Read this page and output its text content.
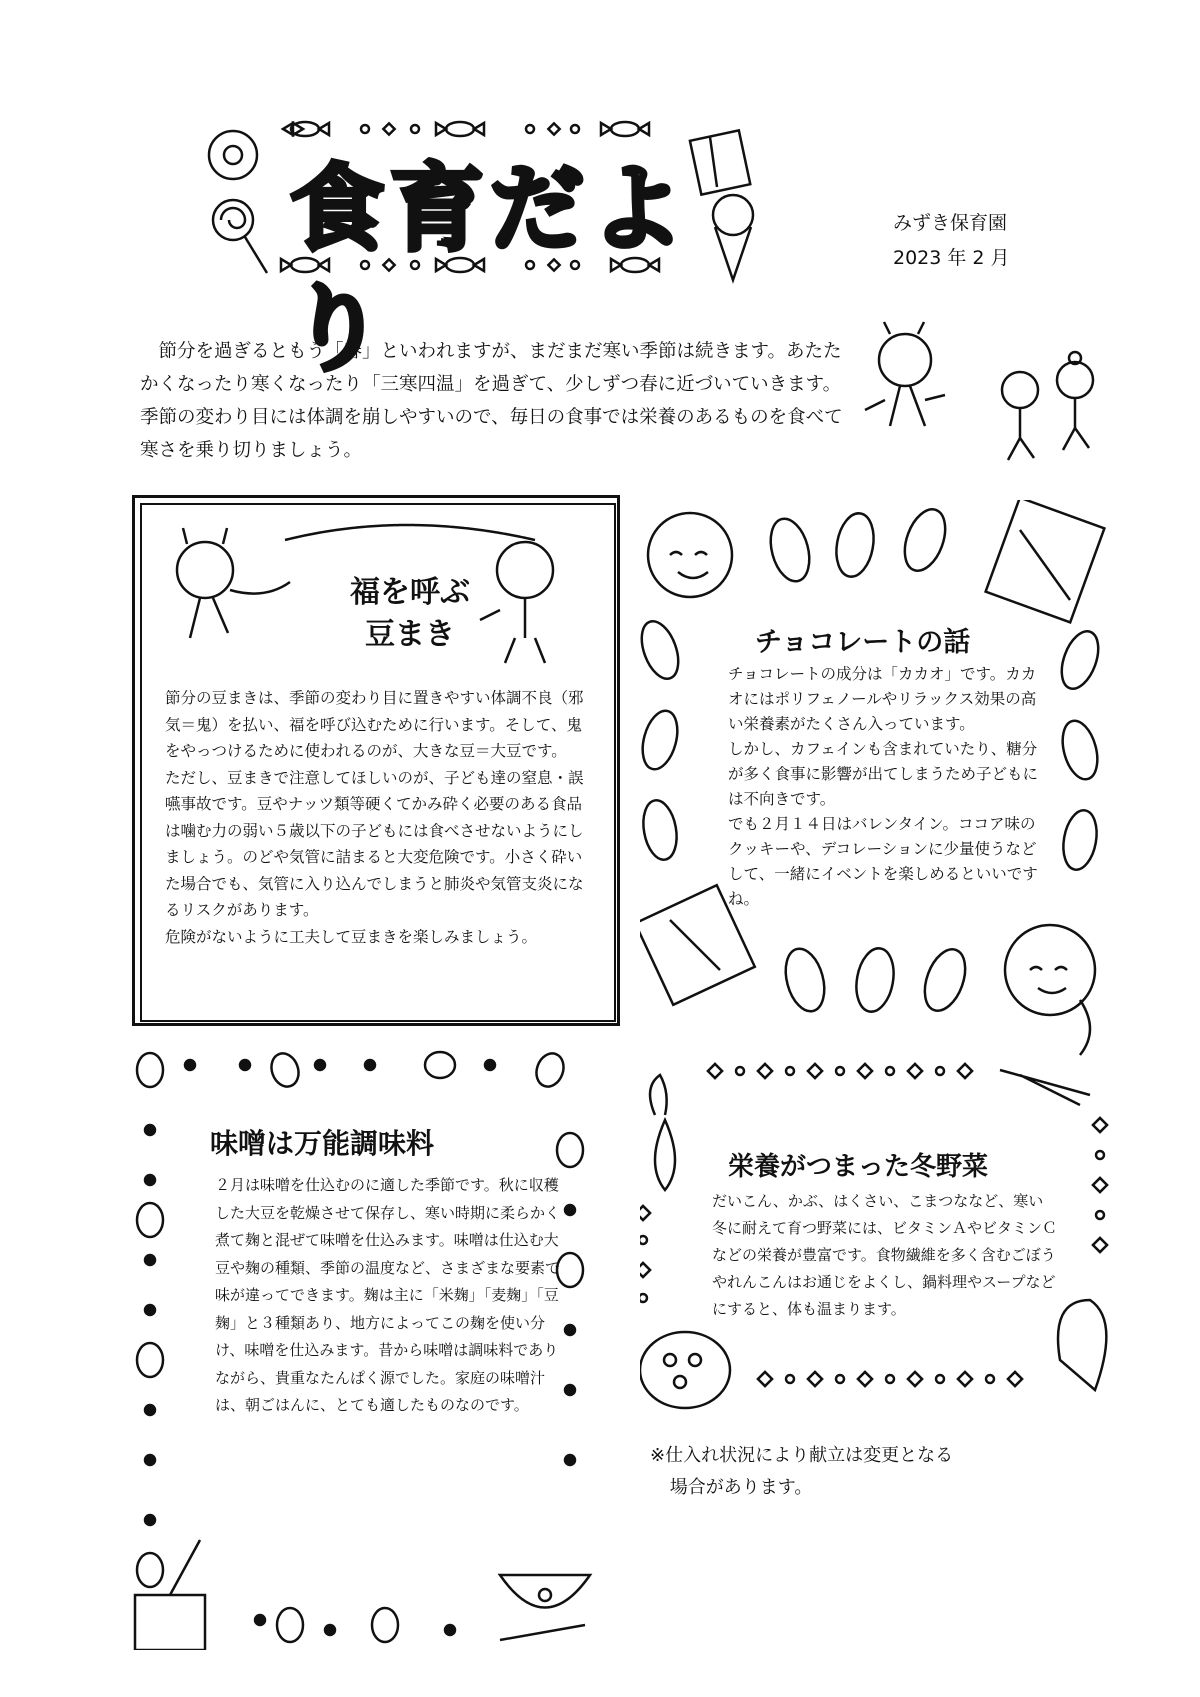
食育だより
みずき保育園
2023 年 2 月
節分を過ぎるともう「春」といわれますが、まだまだ寒い季節は続きます。あたたかくなったり寒くなったり「三寒四温」を過ぎて、少しずつ春に近づいていきます。季節の変わり目には体調を崩しやすいので、毎日の食事では栄養のあるものを食べて寒さを乗り切りましょう。
福を呼ぶ
豆まき
節分の豆まきは、季節の変わり目に置きやすい体調不良（邪気＝鬼）を払い、福を呼び込むために行います。そして、鬼をやっつけるために使われるのが、大きな豆＝大豆です。
ただし、豆まきで注意してほしいのが、子ども達の窒息・誤嚥事故です。豆やナッツ類等硬くてかみ砕く必要のある食品は噛む力の弱い５歳以下の子どもには食べさせないようにしましょう。のどや気管に詰まると大変危険です。小さく砕いた場合でも、気管に入り込んでしまうと肺炎や気管支炎になるリスクがあります。
危険がないように工夫して豆まきを楽しみましょう。
チョコレートの話
チョコレートの成分は「カカオ」です。カカオにはポリフェノールやリラックス効果の高い栄養素がたくさん入っています。
しかし、カフェインも含まれていたり、糖分が多く食事に影響が出てしまうため子どもには不向きです。
でも２月１４日はバレンタイン。ココア味のクッキーや、デコレーションに少量使うなどして、一緒にイベントを楽しめるといいですね。
味噌は万能調味料
２月は味噌を仕込むのに適した季節です。秋に収穫した大豆を乾燥させて保存し、寒い時期に柔らかく煮て麹と混ぜて味噌を仕込みます。味噌は仕込む大豆や麹の種類、季節の温度など、さまざまな要素で味が違ってできます。麹は主に「米麹」「麦麹」「豆麹」と３種類あり、地方によってこの麹を使い分け、味噌を仕込みます。昔から味噌は調味料でありながら、貴重なたんぱく源でした。家庭の味噌汁は、朝ごはんに、とても適したものなのです。
栄養がつまった冬野菜
だいこん、かぶ、はくさい、こまつななど、寒い冬に耐えて育つ野菜には、ビタミンＡやビタミンＣなどの栄養が豊富です。食物繊維を多く含むごぼうやれんこんはお通じをよくし、鍋料理やスープなどにすると、体も温まります。
※仕入れ状況により献立は変更となる
場合があります。
